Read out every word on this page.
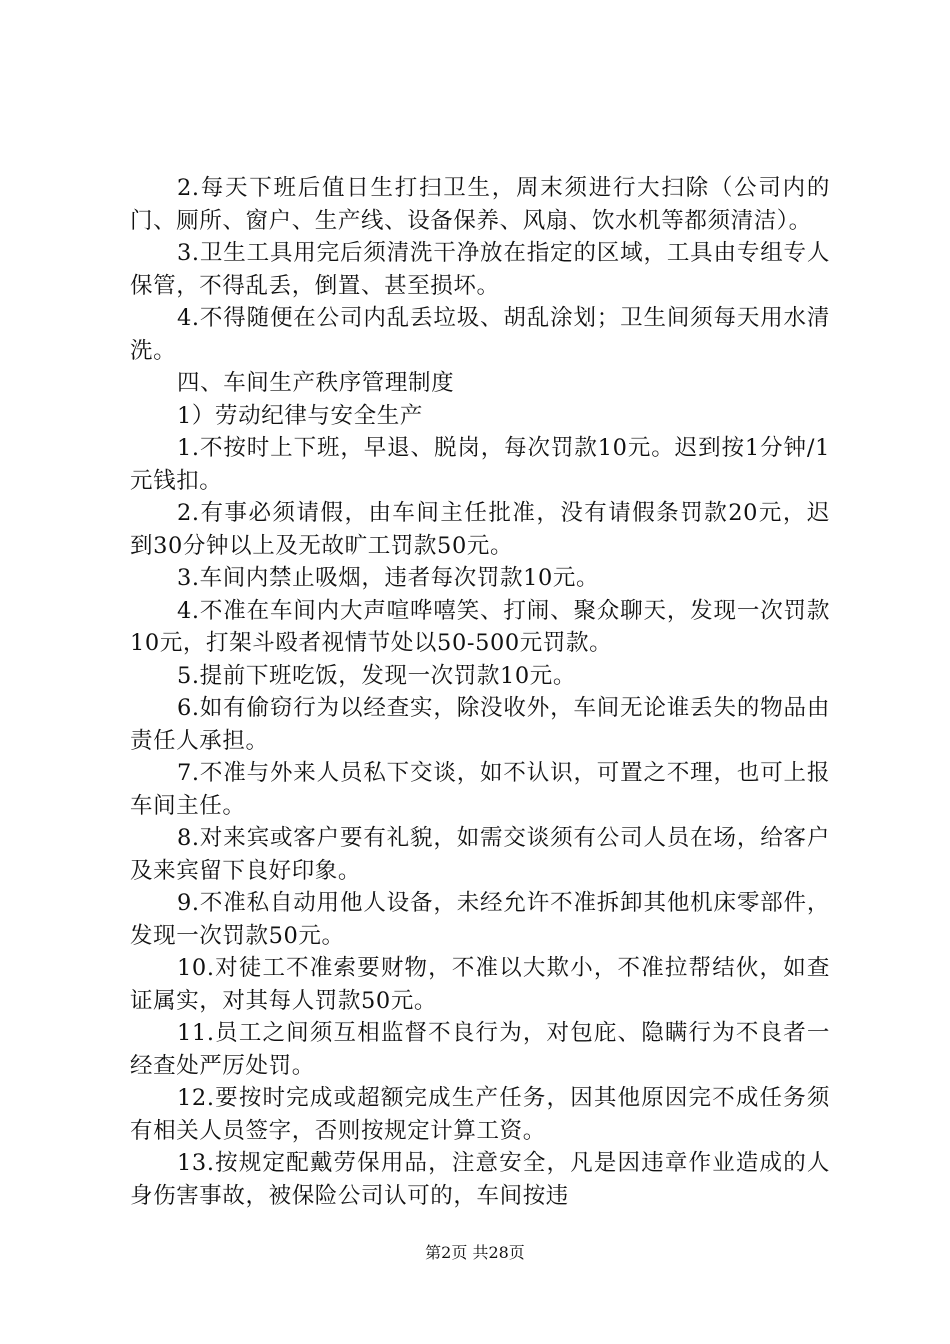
2.每天下班后值日生打扫卫生，周末须进行大扫除（公司内的门、厕所、窗户、生产线、设备保养、风扇、饮水机等都须清洁）。

3.卫生工具用完后须清洗干净放在指定的区域，工具由专组专人保管，不得乱丢，倒置、甚至损坏。

4.不得随便在公司内乱丢垃圾、胡乱涂划；卫生间须每天用水清洗。

四、车间生产秩序管理制度

1）劳动纪律与安全生产

1.不按时上下班，早退、脱岗，每次罚款10元。迟到按1分钟/1元钱扣。

2.有事必须请假，由车间主任批准，没有请假条罚款20元，迟到30分钟以上及无故旷工罚款50元。

3.车间内禁止吸烟，违者每次罚款10元。

4.不准在车间内大声喧哗嘻笑、打闹、聚众聊天，发现一次罚款10元，打架斗殴者视情节处以50-500元罚款。

5.提前下班吃饭，发现一次罚款10元。

6.如有偷窃行为以经查实，除没收外，车间无论谁丢失的物品由责任人承担。

7.不准与外来人员私下交谈，如不认识，可置之不理，也可上报车间主任。

8.对来宾或客户要有礼貌，如需交谈须有公司人员在场，给客户及来宾留下良好印象。

9.不准私自动用他人设备，未经允许不准拆卸其他机床零部件，发现一次罚款50元。

10.对徒工不准索要财物，不准以大欺小，不准拉帮结伙，如查证属实，对其每人罚款50元。

11.员工之间须互相监督不良行为，对包庇、隐瞒行为不良者一经查处严厉处罚。

12.要按时完成或超额完成生产任务，因其他原因完不成任务须有相关人员签字，否则按规定计算工资。

13.按规定配戴劳保用品，注意安全，凡是因违章作业造成的人身伤害事故，被保险公司认可的，车间按违

第2页 共28页
